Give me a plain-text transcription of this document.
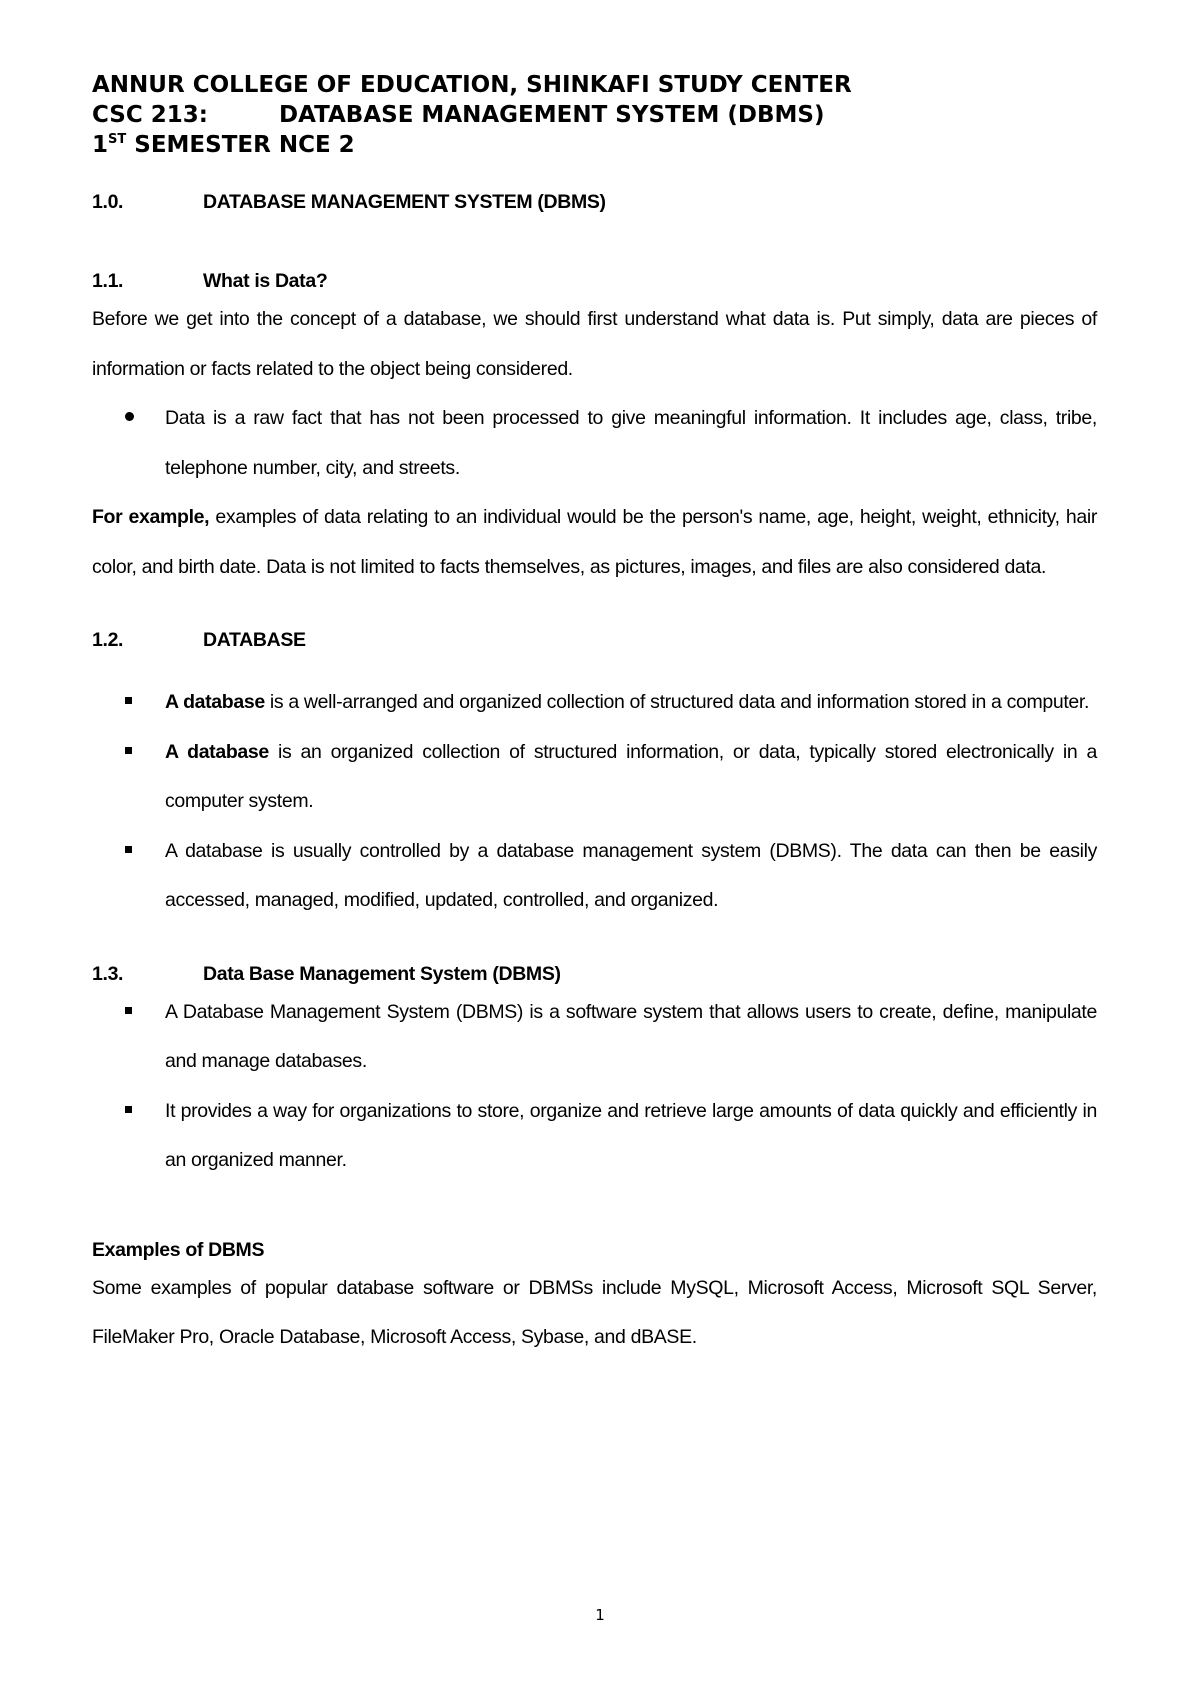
ANNUR COLLEGE OF EDUCATION, SHINKAFI STUDY CENTER
CSC 213:	DATABASE MANAGEMENT SYSTEM (DBMS)
1ST SEMESTER NCE 2
1.0.	DATABASE MANAGEMENT SYSTEM (DBMS)
1.1.	What is Data?
Before we get into the concept of a database, we should first understand what data is. Put simply, data are pieces of information or facts related to the object being considered.
Data is a raw fact that has not been processed to give meaningful information. It includes age, class, tribe, telephone number, city, and streets.
For example, examples of data relating to an individual would be the person's name, age, height, weight, ethnicity, hair color, and birth date. Data is not limited to facts themselves, as pictures, images, and files are also considered data.
1.2.	DATABASE
A database is a well-arranged and organized collection of structured data and information stored in a computer.
A database is an organized collection of structured information, or data, typically stored electronically in a computer system.
A database is usually controlled by a database management system (DBMS). The data can then be easily accessed, managed, modified, updated, controlled, and organized.
1.3.	Data Base Management System (DBMS)
A Database Management System (DBMS) is a software system that allows users to create, define, manipulate and manage databases.
It provides a way for organizations to store, organize and retrieve large amounts of data quickly and efficiently in an organized manner.
Examples of DBMS
Some examples of popular database software or DBMSs include MySQL, Microsoft Access, Microsoft SQL Server, FileMaker Pro, Oracle Database, Microsoft Access, Sybase, and dBASE.
1
